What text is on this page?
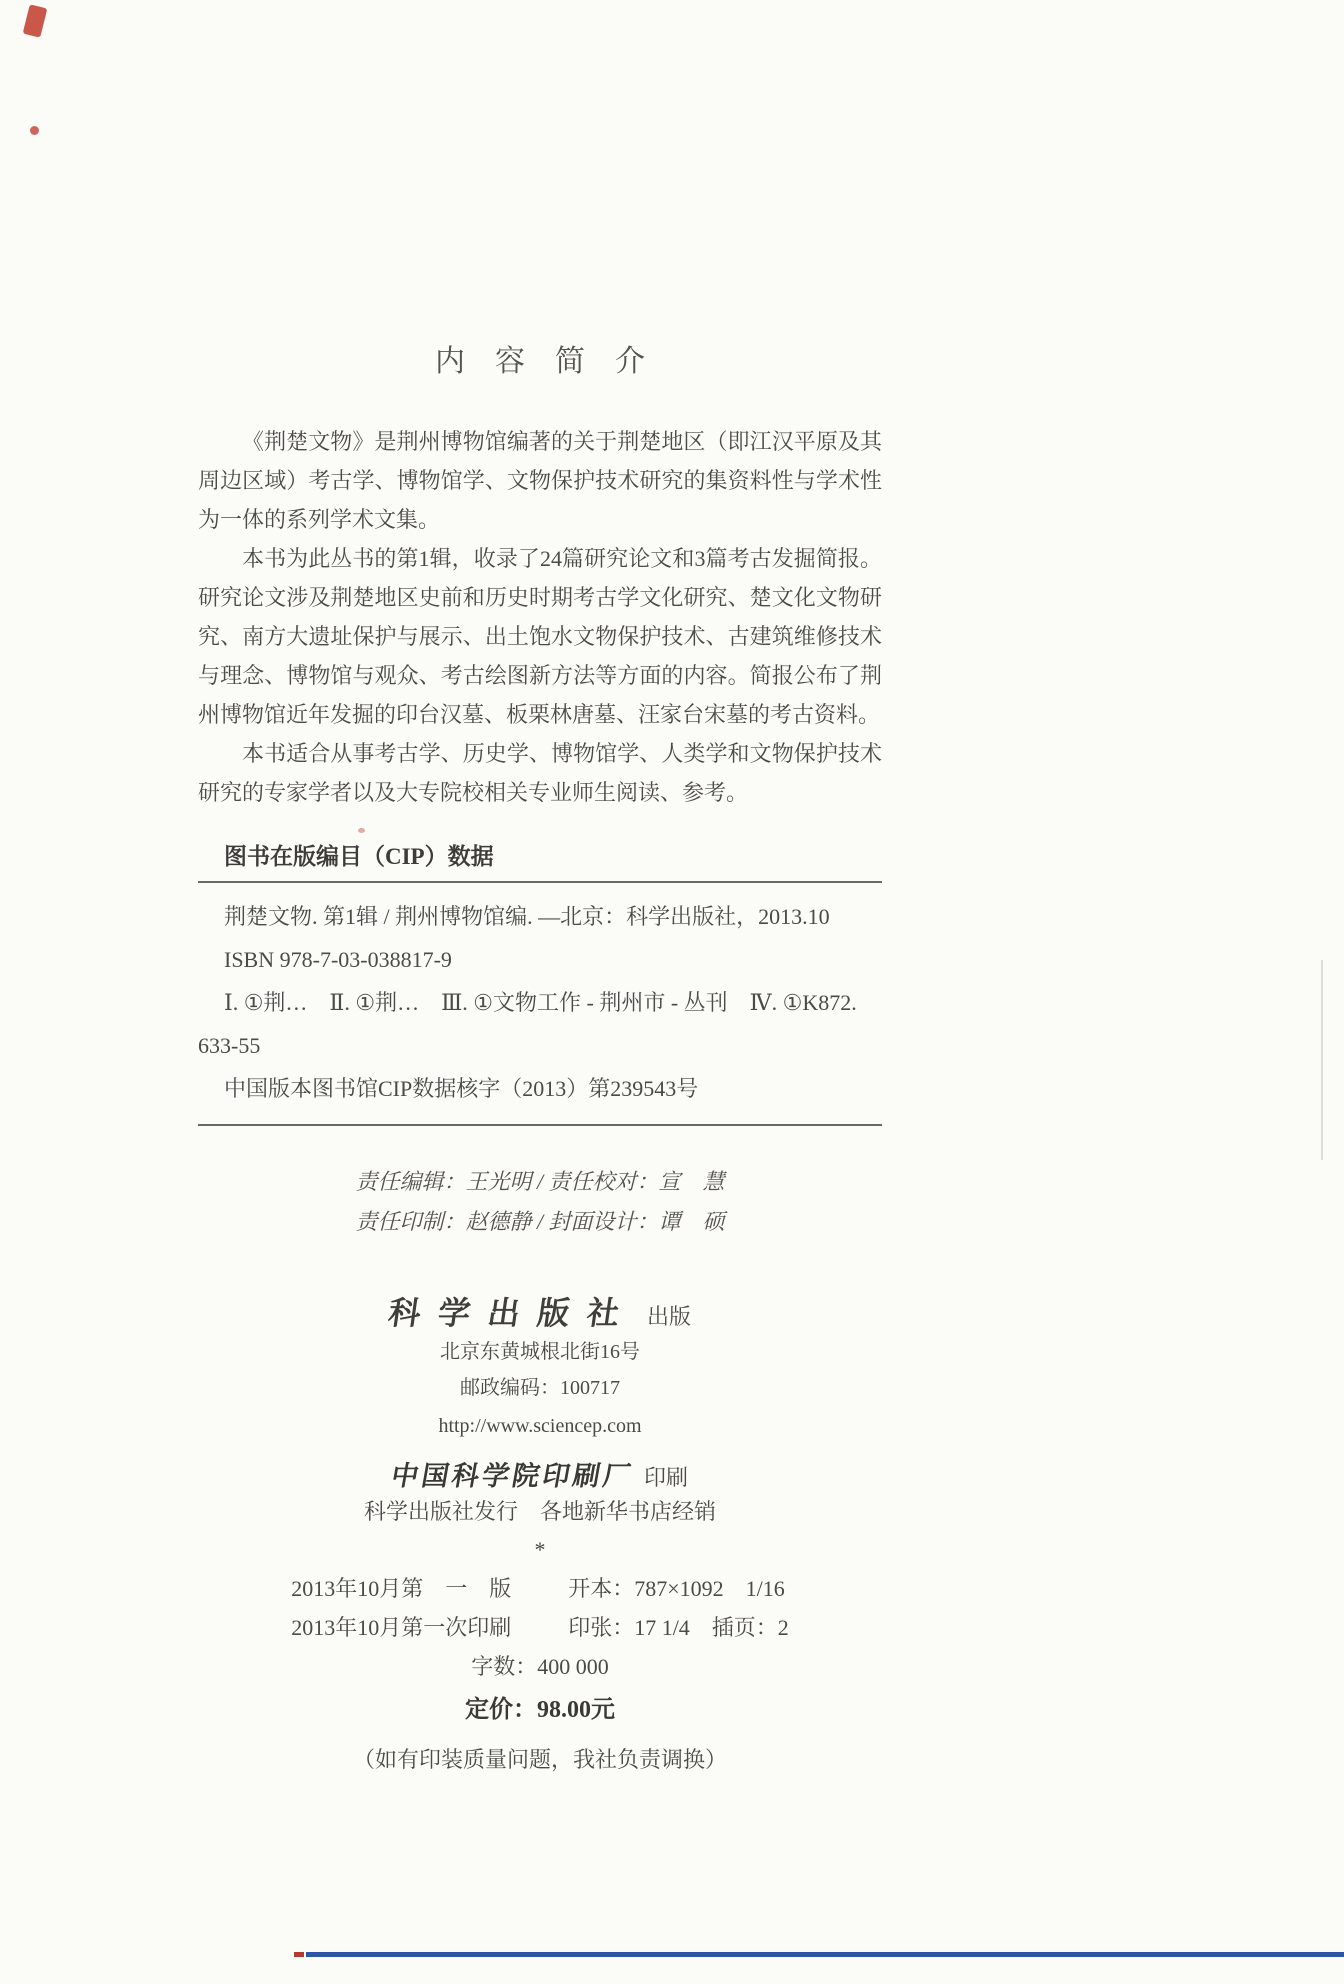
内　容　简　介

《荆楚文物》是荆州博物馆编著的关于荆楚地区（即江汉平原及其周边区域）考古学、博物馆学、文物保护技术研究的集资料性与学术性为一体的系列学术文集。

本书为此丛书的第1辑，收录了24篇研究论文和3篇考古发掘简报。研究论文涉及荆楚地区史前和历史时期考古学文化研究、楚文化文物研究、南方大遗址保护与展示、出土饱水文物保护技术、古建筑维修技术与理念、博物馆与观众、考古绘图新方法等方面的内容。简报公布了荆州博物馆近年发掘的印台汉墓、板栗林唐墓、汪家台宋墓的考古资料。

本书适合从事考古学、历史学、博物馆学、人类学和文物保护技术研究的专家学者以及大专院校相关专业师生阅读、参考。

图书在版编目（CIP）数据

荆楚文物. 第1辑 / 荆州博物馆编. —北京：科学出版社，2013.10

ISBN 978-7-03-038817-9

Ⅰ. ①荆…　Ⅱ. ①荆…　Ⅲ. ①文物工作 - 荆州市 - 丛刊　Ⅳ. ①K872.

633-55

中国版本图书馆CIP数据核字（2013）第239543号

责任编辑：王光明 / 责任校对：宣　慧
责任印制：赵德静 / 封面设计：谭　硕
科学出版社 出版
北京东黄城根北街16号
邮政编码：100717
http://www.sciencep.com
中国科学院印刷厂 印刷
科学出版社发行　各地新华书店经销
*
2013年10月第　一　版	开本：787×1092　1/16
2013年10月第一次印刷	印张：17 1/4　插页：2
字数：400 000
定价：98.00元
（如有印装质量问题，我社负责调换）
